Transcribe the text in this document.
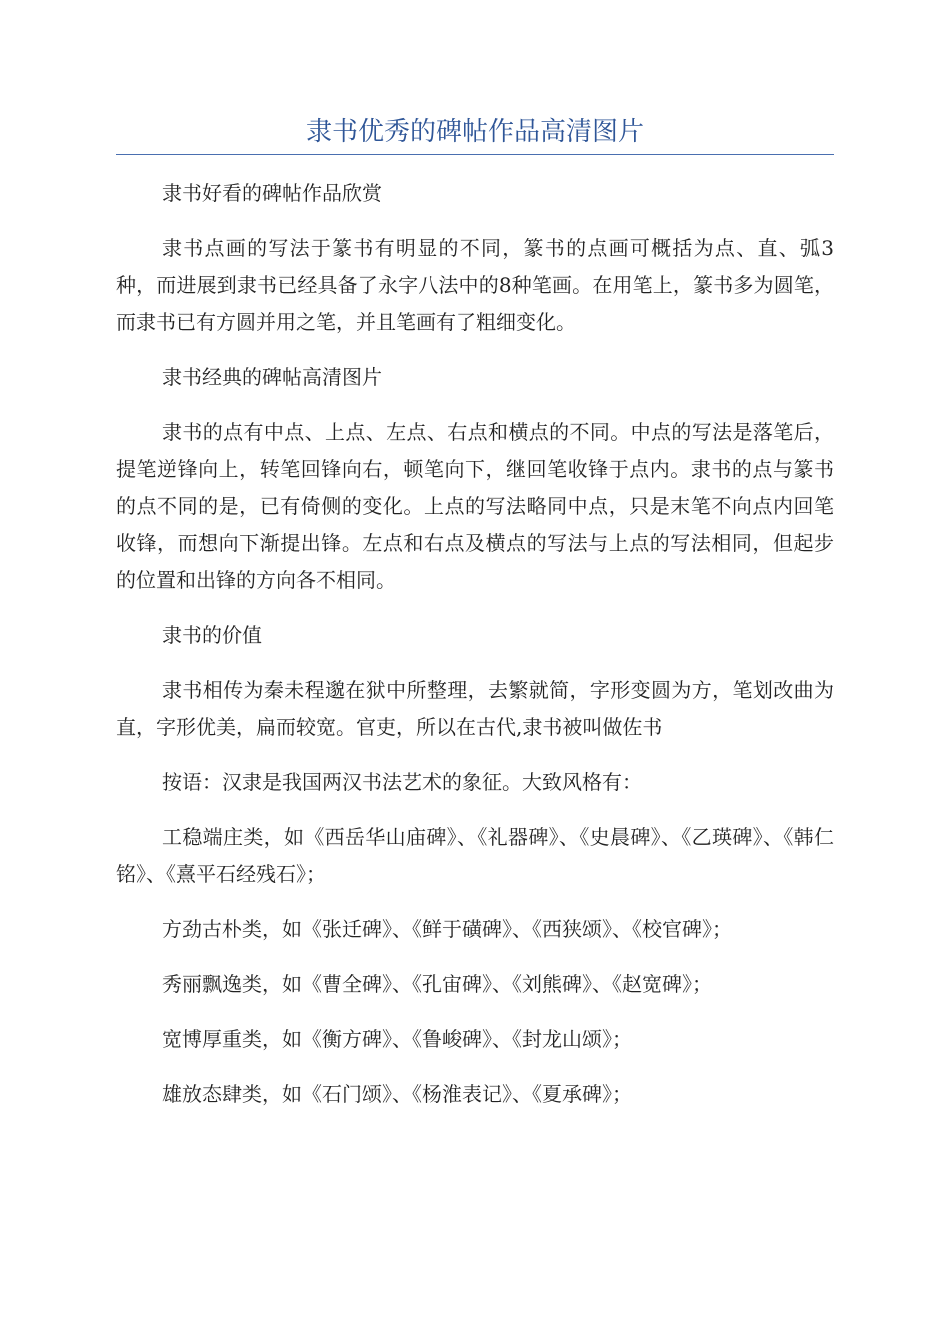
隶书优秀的碑帖作品高清图片

隶书好看的碑帖作品欣赏

隶书点画的写法于篆书有明显的不同，篆书的点画可概括为点、直、弧3种，而进展到隶书已经具备了永字八法中的8种笔画。在用笔上，篆书多为圆笔，而隶书已有方圆并用之笔，并且笔画有了粗细变化。

隶书经典的碑帖高清图片

隶书的点有中点、上点、左点、右点和横点的不同。中点的写法是落笔后，提笔逆锋向上，转笔回锋向右，顿笔向下，继回笔收锋于点内。隶书的点与篆书的点不同的是，已有倚侧的变化。上点的写法略同中点，只是末笔不向点内回笔收锋，而想向下渐提出锋。左点和右点及横点的写法与上点的写法相同，但起步的位置和出锋的方向各不相同。

隶书的价值

隶书相传为秦未程邈在狱中所整理，去繁就简，字形变圆为方，笔划改曲为直，字形优美，扁而较宽。官吏，所以在古代,隶书被叫做佐书

按语：汉隶是我国两汉书法艺术的象征。大致风格有：

工稳端庄类，如《西岳华山庙碑》、《礼器碑》、《史晨碑》、《乙瑛碑》、《韩仁铭》、《熹平石经残石》；

方劲古朴类，如《张迁碑》、《鲜于磺碑》、《西狭颂》、《校官碑》；

秀丽飘逸类，如《曹全碑》、《孔宙碑》、《刘熊碑》、《赵宽碑》；

宽博厚重类，如《衡方碑》、《鲁峻碑》、《封龙山颂》；

雄放态肆类，如《石门颂》、《杨淮表记》、《夏承碑》；
